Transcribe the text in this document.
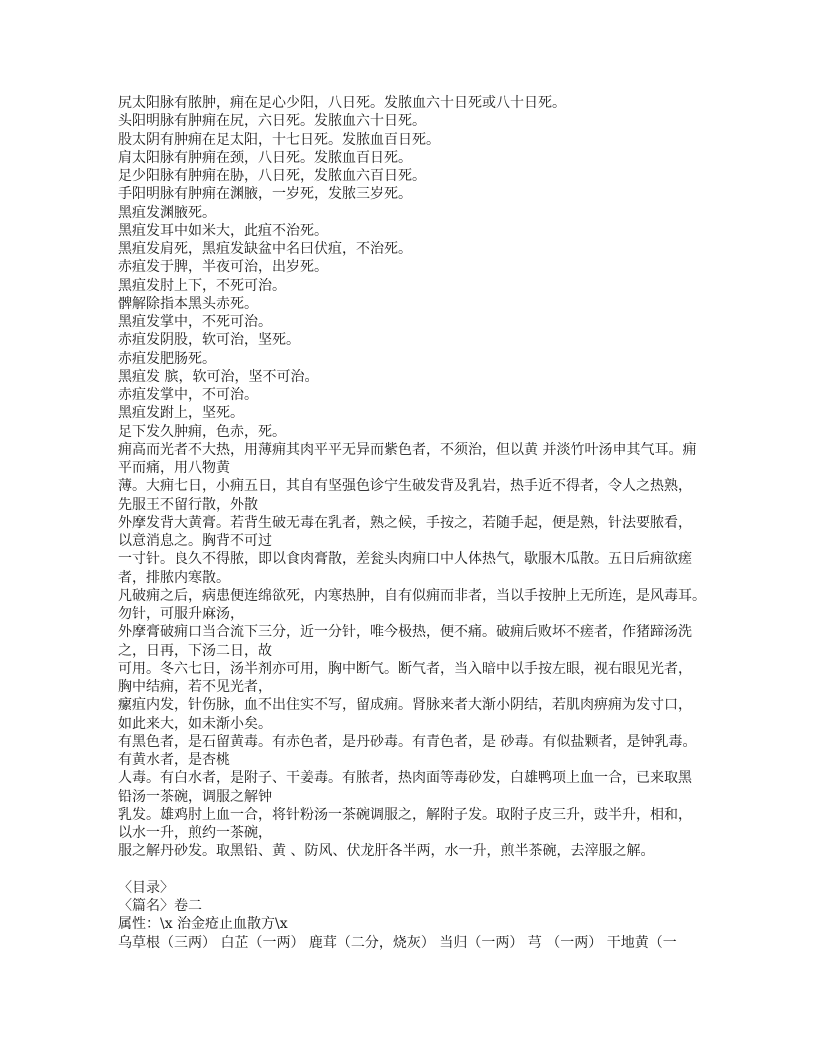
尻太阳脉有脓肿，痈在足心少阳，八日死。发脓血六十日死或八十日死。
头阳明脉有肿痈在尻，六日死。发脓血六十日死。
股太阴有肿痈在足太阳，十七日死。发脓血百日死。
肩太阳脉有肿痈在颈，八日死。发脓血百日死。
足少阳脉有肿痈在胁，八日死，发脓血六百日死。
手阳明脉有肿痈在渊腋，一岁死，发脓三岁死。
黑疽发渊腋死。
黑疽发耳中如米大，此疽不治死。
黑疽发肩死，黑疽发缺盆中名曰伏疽，不治死。
赤疽发于脾，半夜可治，出岁死。
黑疽发肘上下，不死可治。
髀解除指本黑头赤死。
黑疽发掌中，不死可治。
赤疽发阴股，软可治，坚死。
赤疽发肥肠死。
黑疽发 膑，软可治，坚不可治。
赤疽发掌中，不可治。
黑疽发跗上，坚死。
足下发久肿痈，色赤，死。
痈高而光者不大热，用薄痈其肉平平无异而紫色者，不须治，但以黄 并淡竹叶汤申其气耳。痈
平而痛，用八物黄
薄。大痈七日，小痈五日，其自有坚强色诊宁生破发背及乳岩，热手近不得者，令人之热熟，
先服王不留行散，外散
外摩发背大黄膏。若背生破无毒在乳者，熟之候，手按之，若随手起，便是熟，针法要脓看，
以意消息之。胸背不可过
一寸针。良久不得脓，即以食肉膏散，差瓮头肉痈口中人体热气，歇服木瓜散。五日后痈欲瘥
者，排脓内寒散。
凡破痈之后，病患便连绵欲死，内寒热肿，自有似痈而非者，当以手按肿上无所连，是风毒耳。
勿针，可服升麻汤，
外摩膏破痈口当合流下三分，近一分针，唯今极热，便不痛。破痈后败坏不瘥者，作猪蹄汤洗
之，日再，下汤二日，故
可用。冬六七日，汤半剂亦可用，胸中断气。断气者，当入暗中以手按左眼，视右眼见光者，
胸中结痈，若不见光者，
瘰疽内发，针伤脉，血不出住实不写，留成痈。肾脉来者大渐小阴结，若肌肉痹痈为发寸口，
如此来大，如未渐小矣。
有黑色者，是石留黄毒。有赤色者，是丹砂毒。有青色者，是 砂毒。有似盐颗者，是钟乳毒。
有黄水者，是杏桃
人毒。有白水者，是附子、干姜毒。有脓者，热肉面等毒砂发，白雄鸭项上血一合，已来取黑
铅汤一茶碗，调服之解钟
乳发。雄鸡肘上血一合，将针粉汤一茶碗调服之，解附子发。取附子皮三升，豉半升，相和，
以水一升，煎约一茶碗，
服之解丹砂发。取黑铅、黄 、防风、伏龙肝各半两，水一升，煎半茶碗，去滓服之解。
〈目录〉
〈篇名〉卷二
属性：\x 治金疮止血散方\x
乌草根（三两） 白芷（一两） 鹿茸（二分，烧灰） 当归（一两） 芎 （一两） 干地黄（一
